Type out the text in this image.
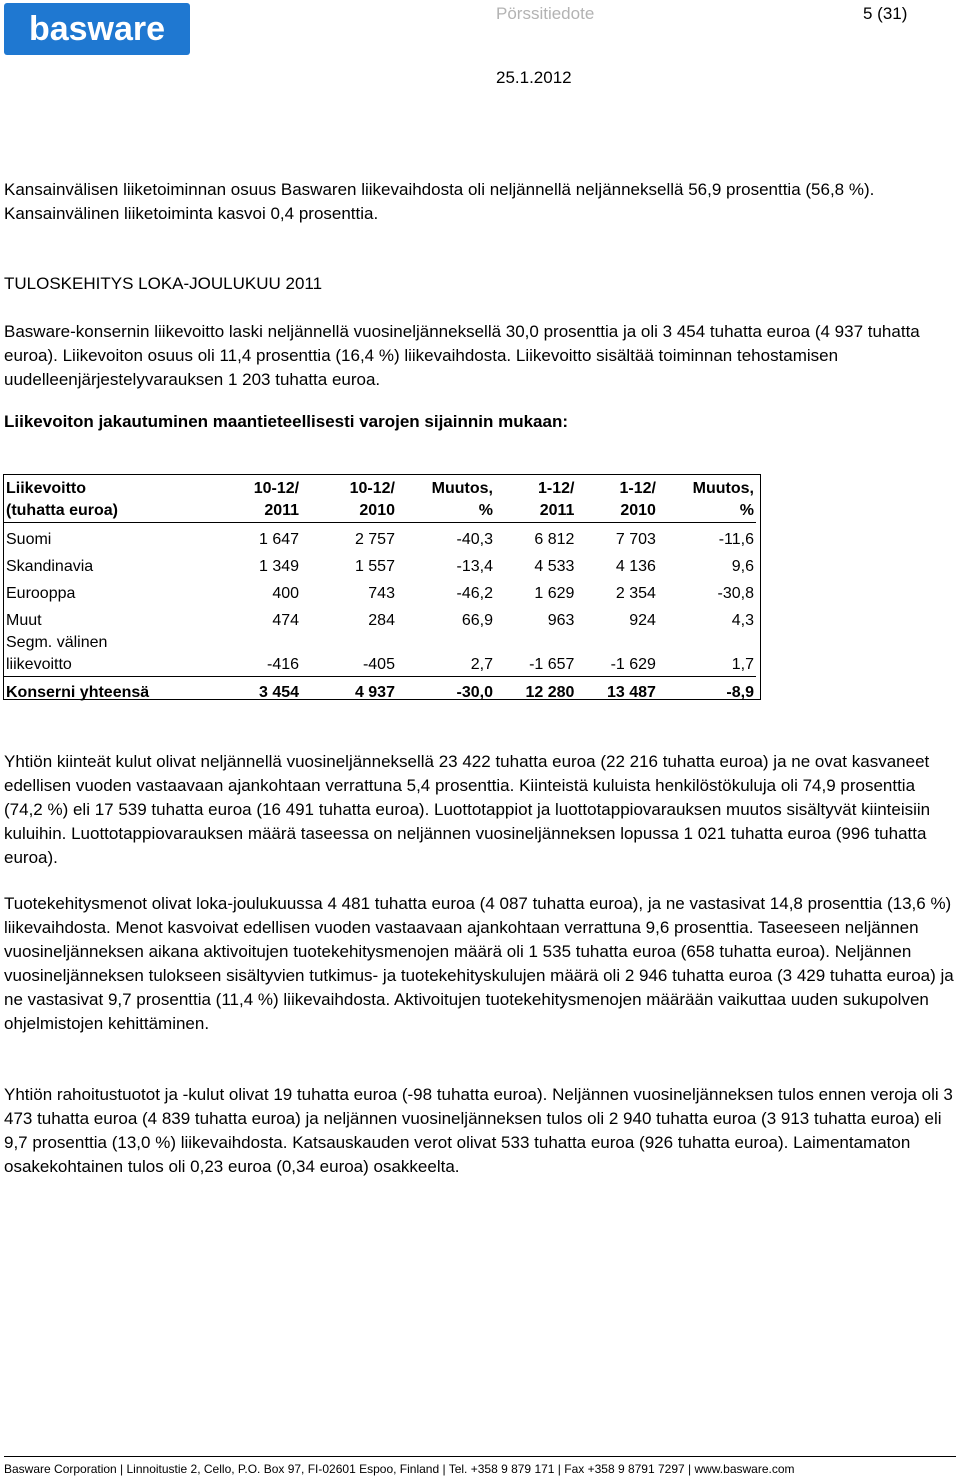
basware	Pörssitiedote	5 (31)
25.1.2012

Kansainvälisen liiketoiminnan osuus Baswaren liikevaihdosta oli neljännellä neljänneksellä 56,9 prosenttia (56,8 %). Kansainvälinen liiketoiminta kasvoi 0,4 prosenttia.

TULOSKEHITYS LOKA-JOULUKUU 2011

Basware-konsernin liikevoitto laski neljännellä vuosineljänneksellä 30,0 prosenttia ja oli 3 454 tuhatta euroa (4 937 tuhatta euroa). Liikevoiton osuus oli 11,4 prosenttia (16,4 %) liikevaihdosta. Liikevoitto sisältää toiminnan tehostamisen uudelleenjärjestelyvarauksen 1 203 tuhatta euroa.

Liikevoiton jakautuminen maantieteellisesti varojen sijainnin mukaan:

Liikevoitto	10-12/	10-12/	Muutos,	1-12/	1-12/	Muutos,
(tuhatta euroa)	2011	2010	%	2011	2010	%
Suomi	1 647	2 757	-40,3	6 812	7 703	-11,6
Skandinavia	1 349	1 557	-13,4	4 533	4 136	9,6
Eurooppa	400	743	-46,2	1 629	2 354	-30,8
Muut	474	284	66,9	963	924	4,3
Segm. välinen						
liikevoitto	-416	-405	2,7	-1 657	-1 629	1,7
Konserni yhteensä	3 454	4 937	-30,0	12 280	13 487	-8,9

Yhtiön kiinteät kulut olivat neljännellä vuosineljänneksellä 23 422 tuhatta euroa (22 216 tuhatta euroa) ja ne ovat kasvaneet edellisen vuoden vastaavaan ajankohtaan verrattuna 5,4 prosenttia. Kiinteistä kuluista henkilöstökuluja oli 74,9 prosenttia (74,2 %) eli 17 539 tuhatta euroa (16 491 tuhatta euroa). Luottotappiot ja luottotappiovarauksen muutos sisältyvät kiinteisiin kuluihin. Luottotappiovarauksen määrä taseessa on neljännen vuosineljänneksen lopussa 1 021 tuhatta euroa (996 tuhatta euroa).

Tuotekehitysmenot olivat loka-joulukuussa 4 481 tuhatta euroa (4 087 tuhatta euroa), ja ne vastasivat 14,8 prosenttia (13,6 %) liikevaihdosta. Menot kasvoivat edellisen vuoden vastaavaan ajankohtaan verrattuna 9,6 prosenttia. Taseeseen neljännen vuosineljänneksen aikana aktivoitujen tuotekehitysmenojen määrä oli 1 535 tuhatta euroa (658 tuhatta euroa). Neljännen vuosineljänneksen tulokseen sisältyvien tutkimus- ja tuotekehityskulujen määrä oli 2 946 tuhatta euroa (3 429 tuhatta euroa) ja ne vastasivat 9,7 prosenttia (11,4 %) liikevaihdosta. Aktivoitujen tuotekehitysmenojen määrään vaikuttaa uuden sukupolven ohjelmistojen kehittäminen.

Yhtiön rahoitustuotot ja -kulut olivat 19 tuhatta euroa (-98 tuhatta euroa). Neljännen vuosineljänneksen tulos ennen veroja oli 3 473 tuhatta euroa (4 839 tuhatta euroa) ja neljännen vuosineljänneksen tulos oli 2 940 tuhatta euroa (3 913 tuhatta euroa) eli 9,7 prosenttia (13,0 %) liikevaihdosta. Katsauskauden verot olivat 533 tuhatta euroa (926 tuhatta euroa). Laimentamaton osakekohtainen tulos oli 0,23 euroa (0,34 euroa) osakkeelta.

Basware Corporation | Linnoitustie 2, Cello, P.O. Box 97, FI-02601 Espoo, Finland | Tel. +358 9 879 171 | Fax +358 9 8791 7297 | www.basware.com
